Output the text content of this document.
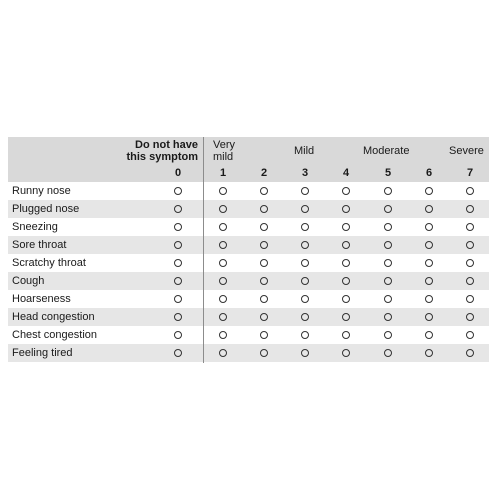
Do not have
this symptom
Very
mild	Mild	Moderate	Severe
0	1	2	3	4	5	6	7
Runny nose
Plugged nose
Sneezing
Sore throat
Scratchy throat
Cough
Hoarseness
Head congestion
Chest congestion
Feeling tired
